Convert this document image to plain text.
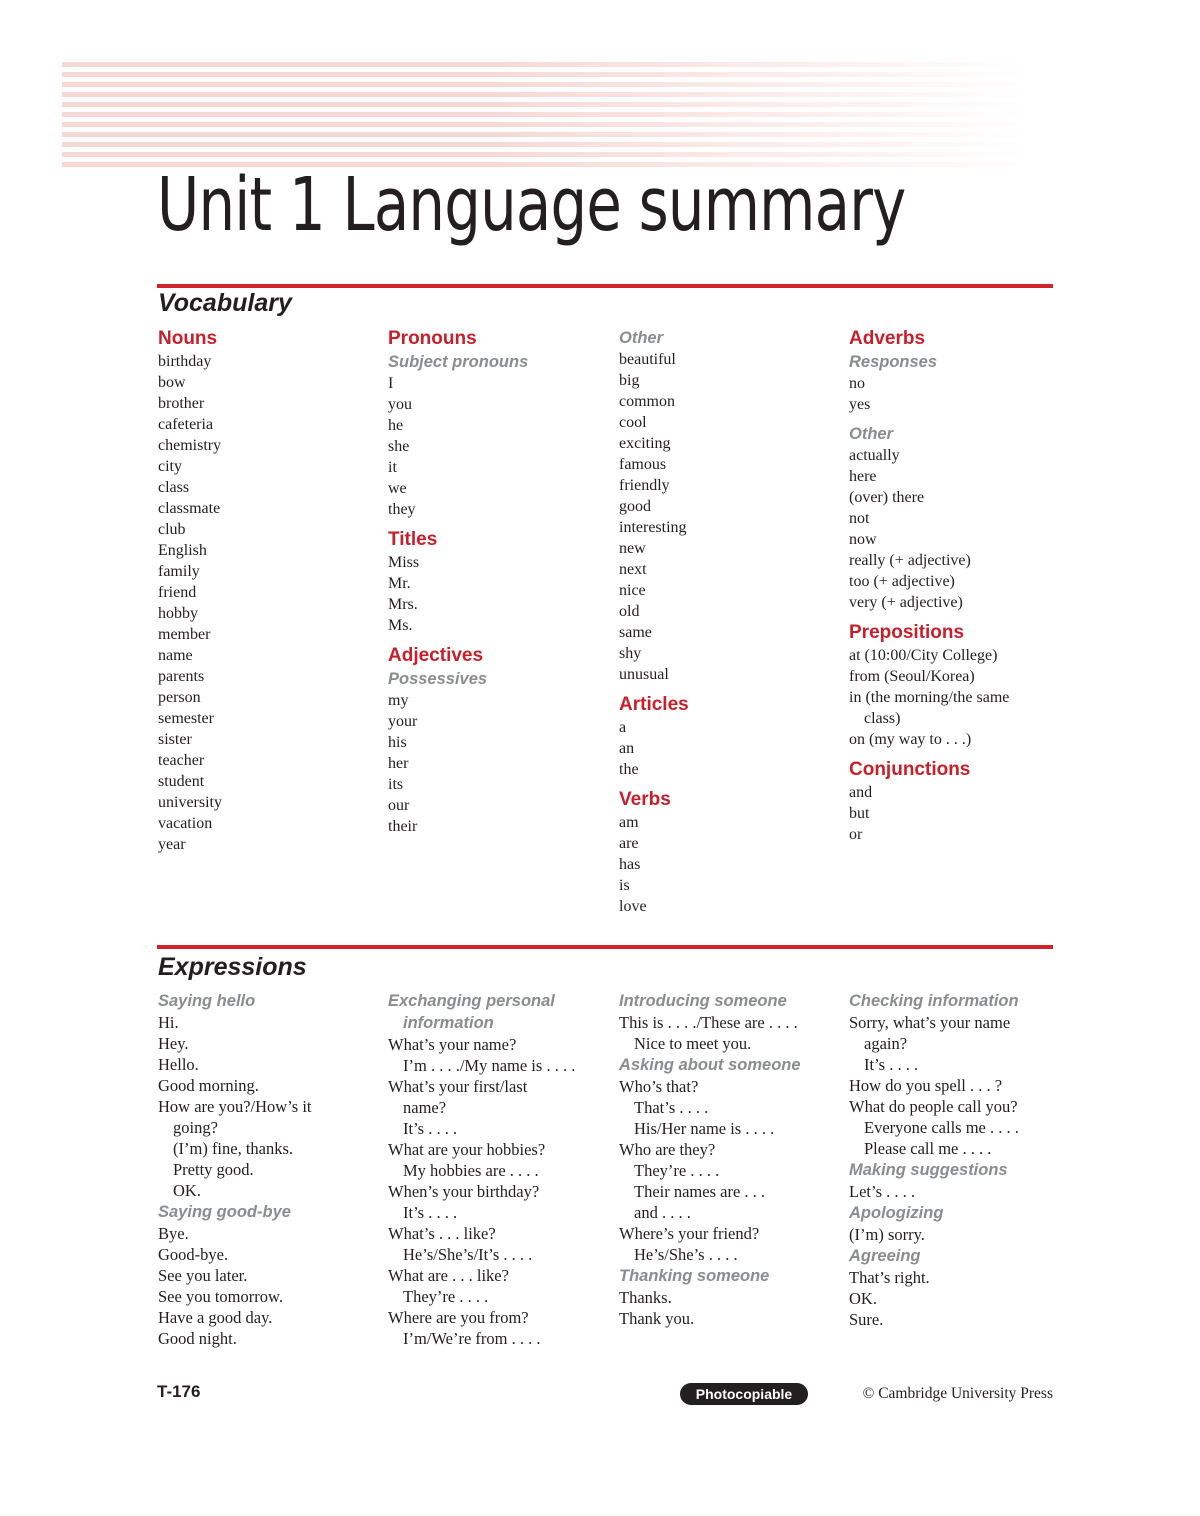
Unit 1 Language summary
Vocabulary
Nouns
birthday
bow
brother
cafeteria
chemistry
city
class
classmate
club
English
family
friend
hobby
member
name
parents
person
semester
sister
teacher
student
university
vacation
year
Pronouns
Subject pronouns
I
you
he
she
it
we
they
Titles
Miss
Mr.
Mrs.
Ms.
Adjectives
Possessives
my
your
his
her
its
our
their
Other
beautiful
big
common
cool
exciting
famous
friendly
good
interesting
new
next
nice
old
same
shy
unusual
Articles
a
an
the
Verbs
am
are
has
is
love
Adverbs
Responses
no
yes
Other
actually
here
(over) there
not
now
really (+ adjective)
too (+ adjective)
very (+ adjective)
Prepositions
at (10:00/City College)
from (Seoul/Korea)
in (the morning/the same
class)
on (my way to . . .)
Conjunctions
and
but
or
Expressions
Saying hello
Hi.
Hey.
Hello.
Good morning.
How are you?/How’s it
going?
(I’m) fine, thanks.
Pretty good.
OK.
Saying good-bye
Bye.
Good-bye.
See you later.
See you tomorrow.
Have a good day.
Good night.
Exchanging personal
information
What’s your name?
I’m . . . ./My name is . . . .
What’s your first/last
name?
It’s . . . .
What are your hobbies?
My hobbies are . . . .
When’s your birthday?
It’s . . . .
What’s . . . like?
He’s/She’s/It’s . . . .
What are . . . like?
They’re . . . .
Where are you from?
I’m/We’re from . . . .
Introducing someone
This is . . . ./These are . . . .
Nice to meet you.
Asking about someone
Who’s that?
That’s . . . .
His/Her name is . . . .
Who are they?
They’re . . . .
Their names are . . .
and . . . .
Where’s your friend?
He’s/She’s . . . .
Thanking someone
Thanks.
Thank you.
Checking information
Sorry, what’s your name
again?
It’s . . . .
How do you spell . . . ?
What do people call you?
Everyone calls me . . . .
Please call me . . . .
Making suggestions
Let’s . . . .
Apologizing
(I’m) sorry.
Agreeing
That’s right.
OK.
Sure.

T-176	Photocopiable	© Cambridge University Press
